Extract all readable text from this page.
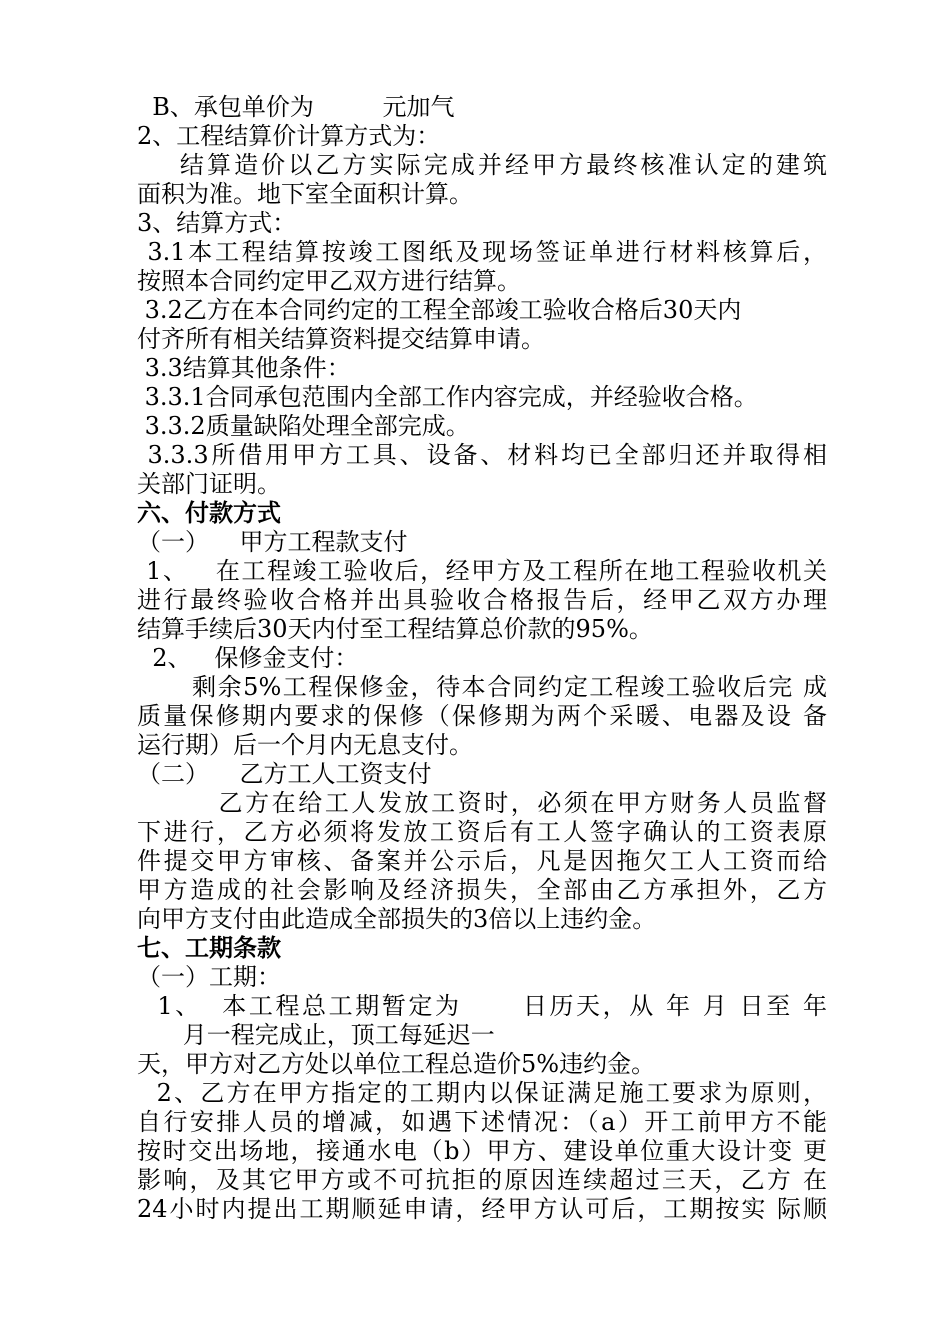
B、承包单价为         元加气
2、工程结算价计算方式为：
结算造价以乙方实际完成并经甲方最终核准认定的建筑
面积为准。地下室全面积计算。
3、结算方式：
3.1本工程结算按竣工图纸及现场签证单进行材料核算后，
按照本合同约定甲乙双方进行结算。
3.2乙方在本合同约定的工程全部竣工验收合格后30天内
付齐所有相关结算资料提交结算申请。
3.3结算其他条件：
3.3.1合同承包范围内全部工作内容完成，并经验收合格。
3.3.2质量缺陷处理全部完成。
3.3.3所借用甲方工具、设备、材料均已全部归还并取得相
关部门证明。
六、付款方式
（一）    甲方工程款支付
1、   在工程竣工验收后，经甲方及工程所在地工程验收机关
进行最终验收合格并出具验收合格报告后，经甲乙双方办理
结算手续后30天内付至工程结算总价款的95%。
2、   保修金支付：
剩余5%工程保修金，待本合同约定工程竣工验收后完 成
质量保修期内要求的保修（保修期为两个采暖、电器及设 备
运行期）后一个月内无息支付。
（二）    乙方工人工资支付
乙方在给工人发放工资时，必须在甲方财务人员监督
下进行，乙方必须将发放工资后有工人签字确认的工资表原
件提交甲方审核、备案并公示后，凡是因拖欠工人工资而给
甲方造成的社会影响及经济损失，全部由乙方承担外，乙方
向甲方支付由此造成全部损失的3倍以上违约金。
七、工期条款
（一）工期：
1、  本工程总工期暂定为      日历天，从 年 月 日至 年
月一程完成止，顶工每延迟一
天，甲方对乙方处以单位工程总造价5%违约金。
2、乙方在甲方指定的工期内以保证满足施工要求为原则，
自行安排人员的增减，如遇下述情况：（a）开工前甲方不能
按时交出场地，接通水电（b）甲方、建设单位重大设计变 更
影响，及其它甲方或不可抗拒的原因连续超过三天，乙方 在
24小时内提出工期顺延申请，经甲方认可后，工期按实 际顺
